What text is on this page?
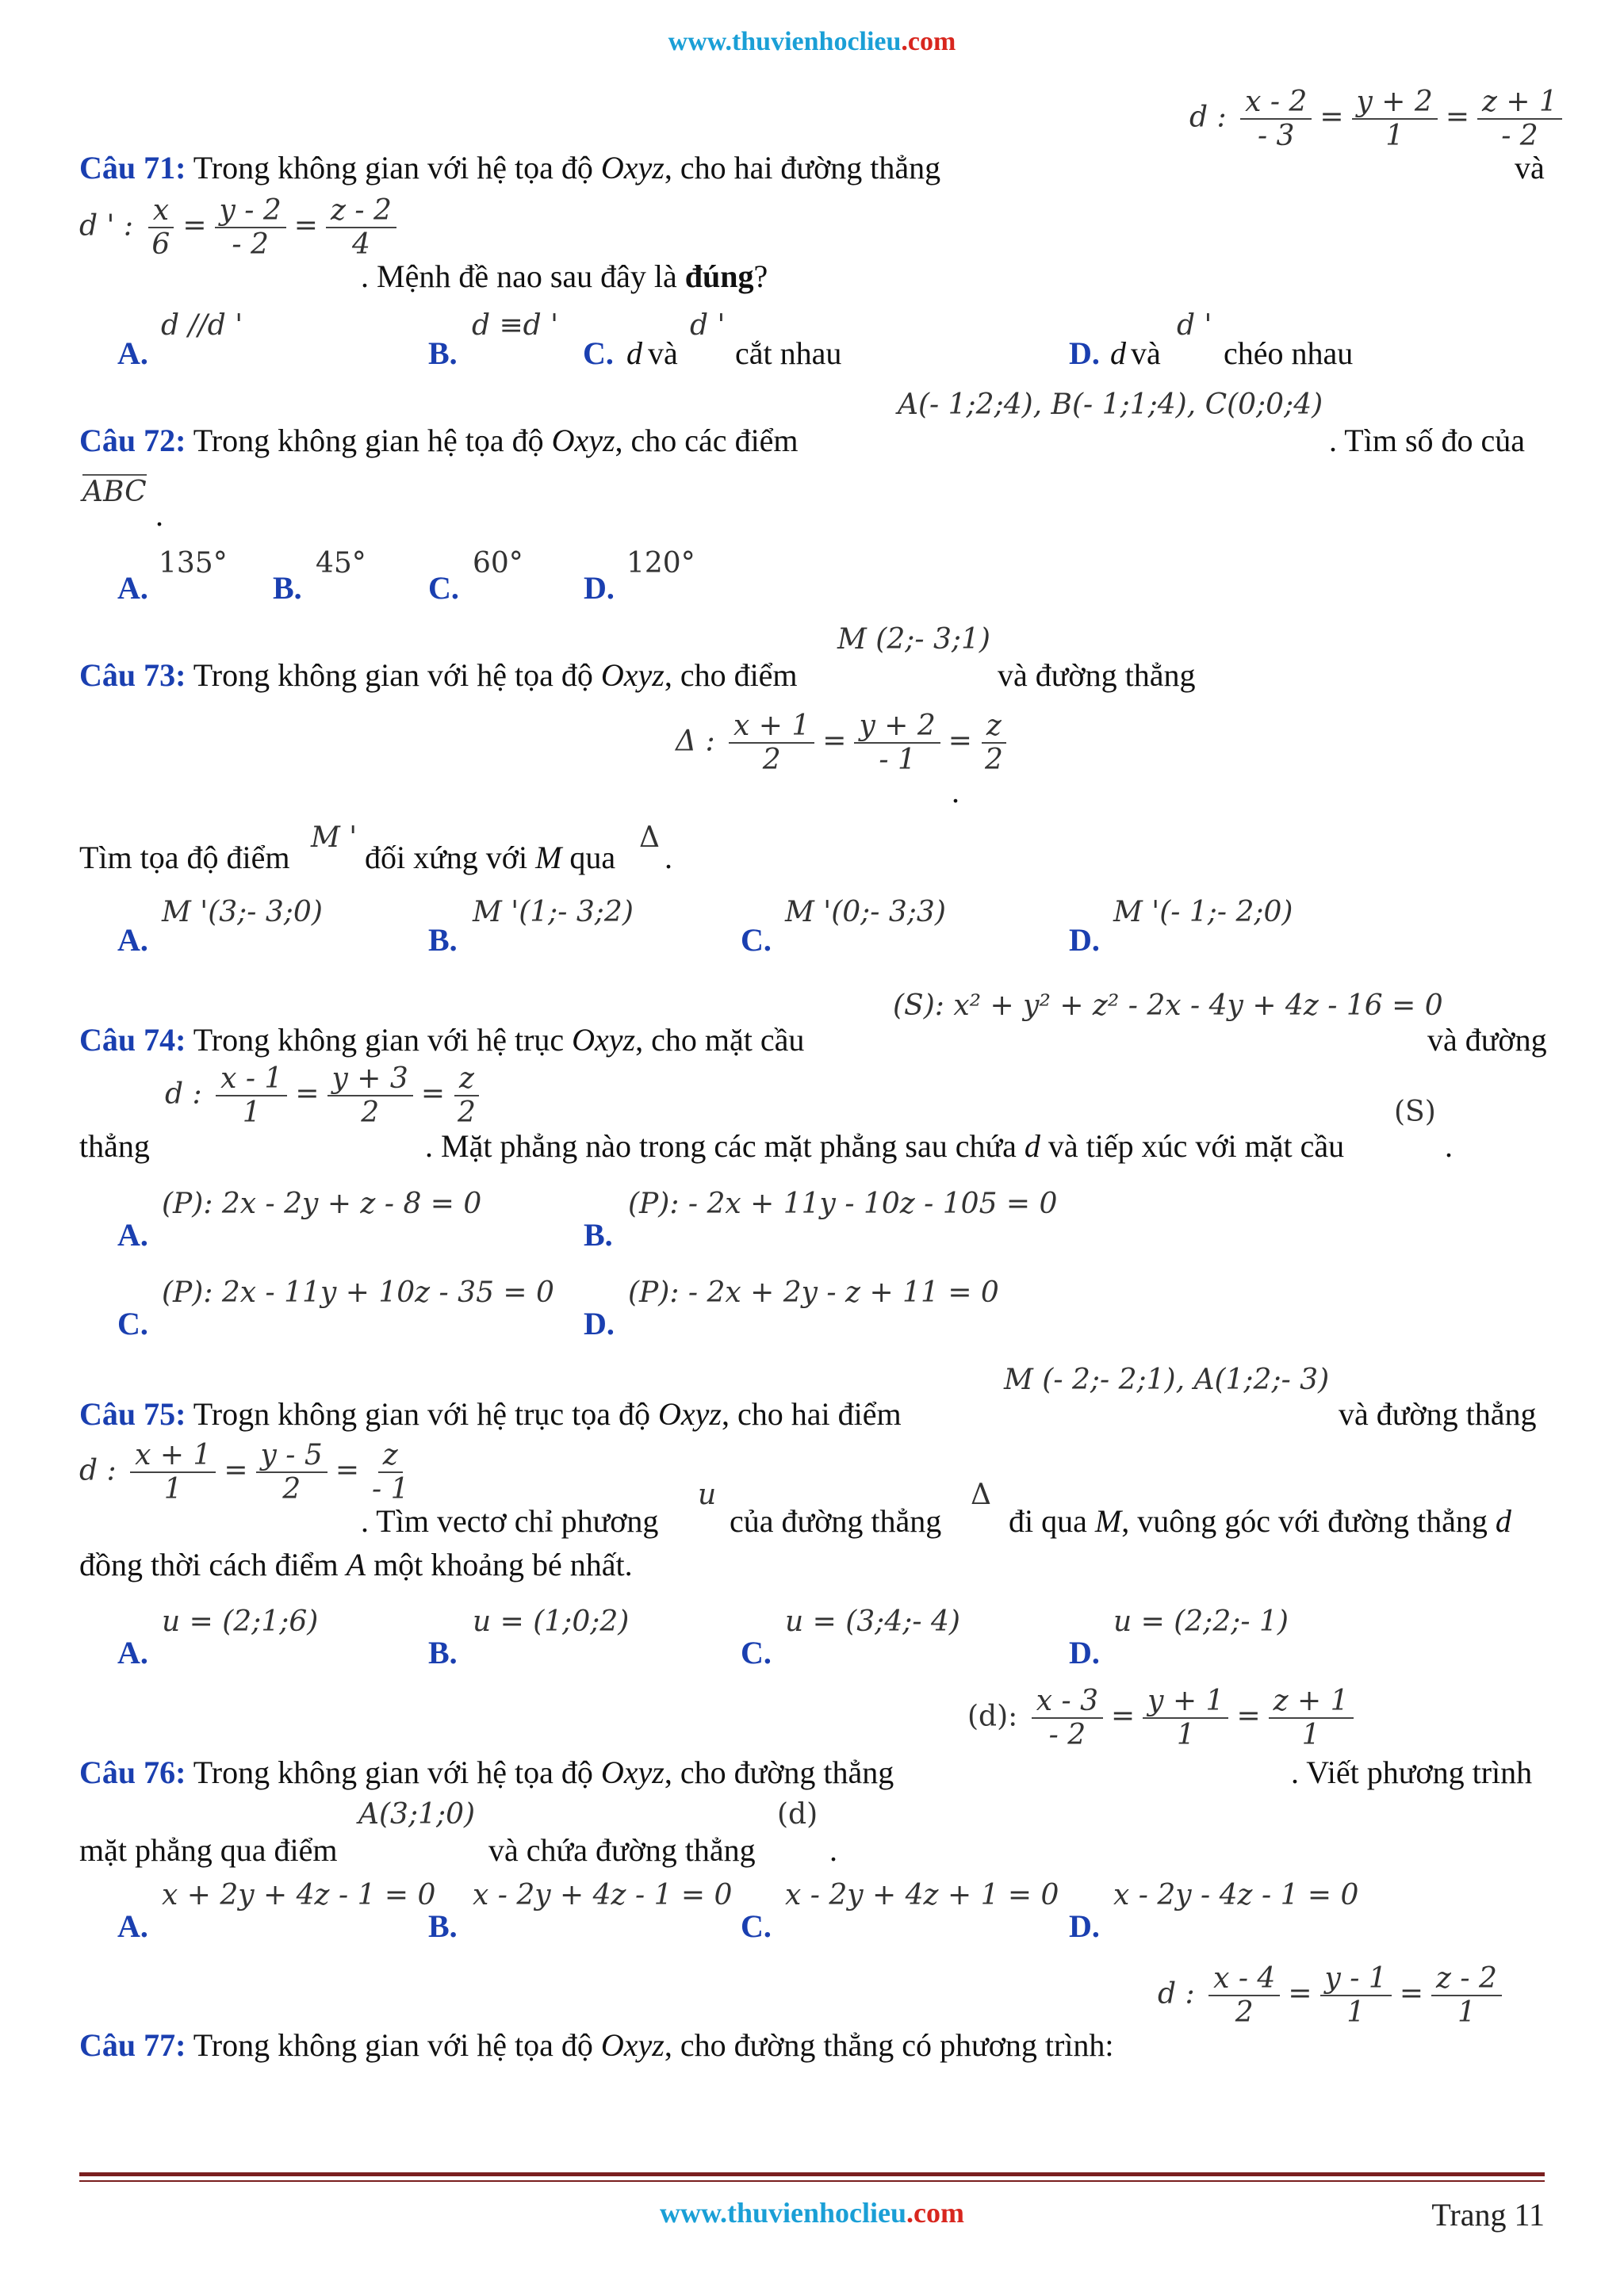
www.thuvienhoclieu.com
d : $\frac{x - 2}{- 3} = \frac{y + 2}{1} = \frac{z + 1}{- 2}$
Câu 71: Trong không gian với hệ tọa độ Oxyz, cho hai đường thẳng	và
d ' : $\frac{x}{6} = \frac{y - 2}{- 2} = \frac{z - 2}{4}$
. Mệnh đề nao sau đây là đúng?
A.
d //d '
B.
d ≡d '
C. d và
d '
cắt nhau	D. d và
d '
chéo nhau
A(- 1;2;4), B(- 1;1;4), C(0;0;4)
Câu 72: Trong không gian hệ tọa độ Oxyz, cho các điểm	. Tìm số đo của
ABC
.
A.
135°
B.
45°
C.
60°
D.
120°
M (2;- 3;1)
Câu 73: Trong không gian với hệ tọa độ Oxyz, cho điểm	và đường thẳng
Δ : $\frac{x + 1}{2} = \frac{y + 2}{- 1} = \frac{z}{2}$
.
Tìm tọa độ điểm
M '
đối xứng với M qua
Δ
.
A.
M '(3;- 3;0)
B.
M '(1;- 3;2)
C.
M '(0;- 3;3)
D.
M '(- 1;- 2;0)
(S): x² + y² + z² - 2x - 4y + 4z - 16 = 0
Câu 74: Trong không gian với hệ trục Oxyz, cho mặt cầu	và đường
d : $\frac{x - 1}{1} = \frac{y + 3}{2} = \frac{z}{2}$
thẳng	. Mặt phẳng nào trong các mặt phẳng sau chứa d và tiếp xúc với mặt cầu
(S)
.
A.
(P): 2x - 2y + z - 8 = 0
B.
(P): - 2x + 11y - 10z - 105 = 0
C.
(P): 2x - 11y + 10z - 35 = 0
D.
(P): - 2x + 2y - z + 11 = 0
M (- 2;- 2;1), A(1;2;- 3)
Câu 75: Trogn không gian với hệ trục tọa độ Oxyz, cho hai điểm	và đường thẳng
d : $\frac{x + 1}{1} = \frac{y - 5}{2} = \frac{z}{- 1}$
. Tìm vectơ chỉ phương
u
của đường thẳng
Δ
đi qua M, vuông góc với đường thẳng d
đồng thời cách điểm A một khoảng bé nhất.
A.
u = (2;1;6)
B.
u = (1;0;2)
C.
u = (3;4;- 4)
D.
u = (2;2;- 1)
(d): $\frac{x - 3}{- 2} = \frac{y + 1}{1} = \frac{z + 1}{1}$
Câu 76: Trong không gian với hệ tọa độ Oxyz, cho đường thẳng	. Viết phương trình
A(3;1;0)
mặt phẳng qua điểm	và chứa đường thẳng
(d)
.
A.
x + 2y + 4z - 1 = 0
B.
x - 2y + 4z - 1 = 0
C.
x - 2y + 4z + 1 = 0
D.
x - 2y - 4z - 1 = 0
d : $\frac{x - 4}{2} = \frac{y - 1}{1} = \frac{z - 2}{1}$
Câu 77: Trong không gian với hệ tọa độ Oxyz, cho đường thẳng có phương trình:
www.thuvienhoclieu.com	Trang 11
